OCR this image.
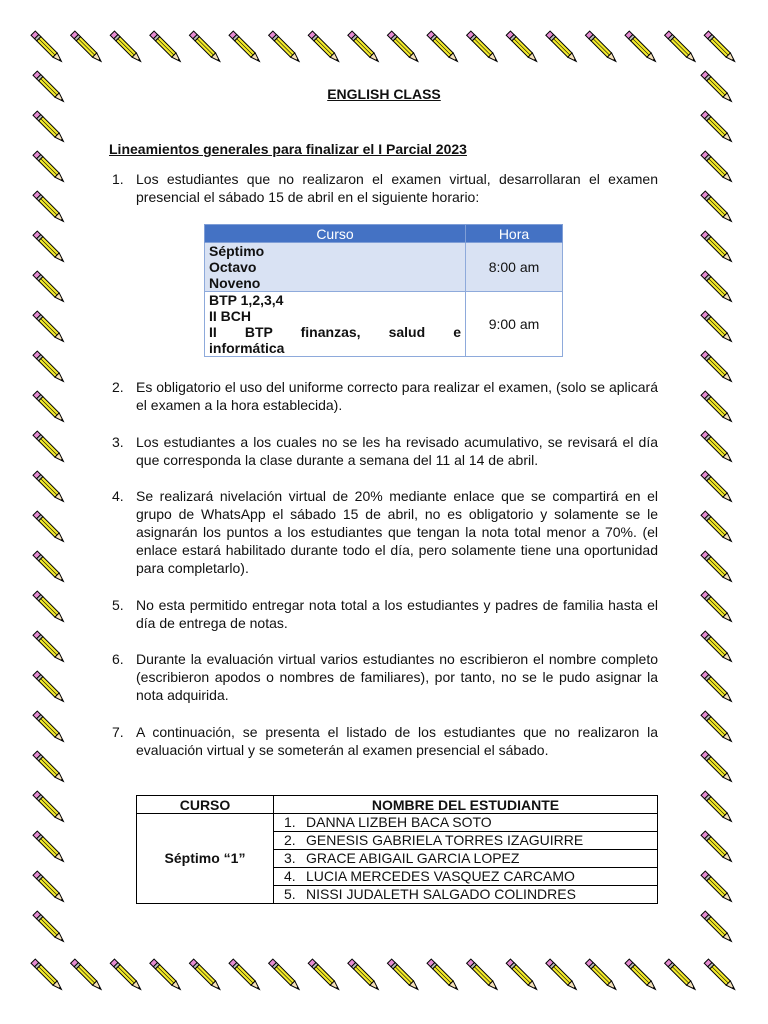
ENGLISH CLASS
Lineamientos generales para finalizar el I Parcial 2023
1. Los estudiantes que no realizaron el examen virtual, desarrollaran el examen presencial el sábado 15 de abril en el siguiente horario:
Curso	Hora

Séptimo
Octavo
Noveno	8:00 am

BTP 1,2,3,4
II BCH
II BTP finanzas, salud e
informática	9:00 am
2. Es obligatorio el uso del uniforme correcto para realizar el examen, (solo se aplicará el examen a la hora establecida).
3. Los estudiantes a los cuales no se les ha revisado acumulativo, se revisará el día que corresponda la clase durante a semana del 11 al 14 de abril.
4. Se realizará nivelación virtual de 20% mediante enlace que se compartirá en el grupo de WhatsApp el sábado 15 de abril, no es obligatorio y solamente se le asignarán los puntos a los estudiantes que tengan la nota total menor a 70%. (el enlace estará habilitado durante todo el día, pero solamente tiene una oportunidad para completarlo).
5. No esta permitido entregar nota total a los estudiantes y padres de familia hasta el día de entrega de notas.
6. Durante la evaluación virtual varios estudiantes no escribieron el nombre completo (escribieron apodos o nombres de familiares), por tanto, no se le pudo asignar la nota adquirida.
7. A continuación, se presenta el listado de los estudiantes que no realizaron la evaluación virtual y se someterán al examen presencial el sábado.
CURSO	NOMBRE DEL ESTUDIANTE
Séptimo “1”	1. DANNA LIZBEH BACA SOTO
	2. GENESIS GABRIELA TORRES IZAGUIRRE
	3. GRACE ABIGAIL GARCIA LOPEZ
	4. LUCIA MERCEDES VASQUEZ CARCAMO
	5. NISSI JUDALETH SALGADO COLINDRES
